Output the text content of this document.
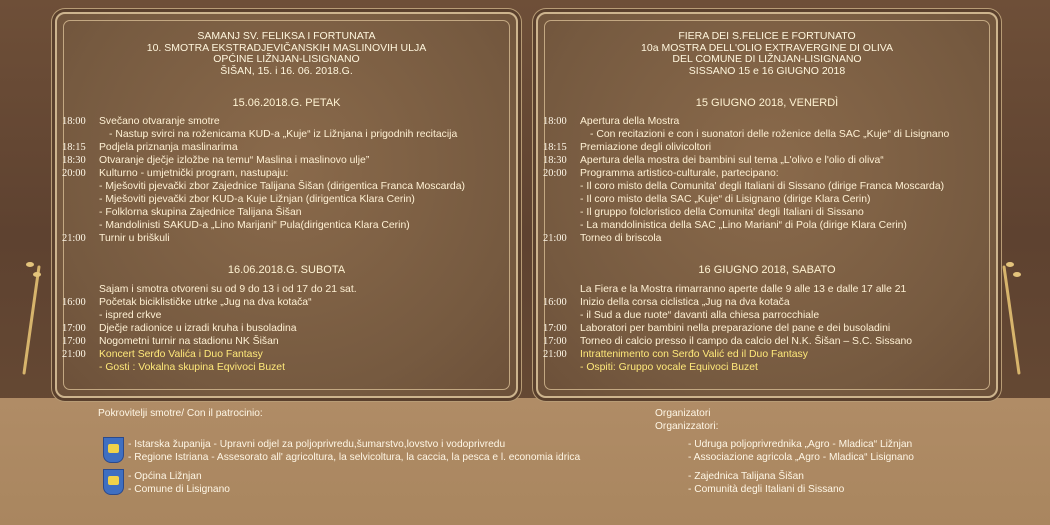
SAMANJ SV. FELIKSA I FORTUNATA
10. SMOTRA EKSTRADJEVIČANSKIH MASLINOVIH ULJA
OPĆINE LIŽNJAN-LISIGNANO
ŠIŠAN, 15. i 16. 06. 2018.G.
15.06.2018.G. PETAK
18:00 Svečano otvaranje smotre
- Nastup svirci na roženicama KUD-a „Kuje“ iz Ližnjana i prigodnih recitacija
18:15 Podjela priznanja maslinarima
18:30 Otvaranje dječje izložbe na temu“ Maslina i maslinovo ulje”
20:00 Kulturno - umjetnički program, nastupaju:
- Mješoviti pjevački zbor Zajednice Talijana Šišan (dirigentica Franca Moscarda)
- Mješoviti pjevački zbor KUD-a Kuje Ližnjan (dirigentica Klara Cerin)
- Folklorna skupina Zajednice Talijana Šišan
- Mandolinisti SAKUD-a „Lino Marijani“ Pula(dirigentica Klara Cerin)
21:00 Turnir u briškuli
16.06.2018.G. SUBOTA
Sajam i smotra otvoreni su od 9 do 13 i od 17 do 21 sat.
16:00 Početak biciklističke utrke „Jug na dva kotača“
- ispred crkve
17:00 Dječje radionice u izradi kruha i busoladina
17:00 Nogometni turnir na stadionu NK Šišan
21:00 Koncert Serđo Valića i Duo Fantasy
- Gosti : Vokalna skupina Eqvivoci Buzet
FIERA DEI S.FELICE E FORTUNATO
10a MOSTRA DELL'OLIO EXTRAVERGINE DI OLIVA
DEL COMUNE DI LIŽNJAN-LISIGNANO
SISSANO 15 e 16 GIUGNO 2018
15 GIUGNO 2018, VENERDÌ
18:00 Apertura della Mostra
- Con recitazioni e con i suonatori delle roženice della SAC „Kuje“ di Lisignano
18:15 Premiazione degli olivicoltori
18:30 Apertura della mostra dei bambini sul tema „L'olivo e l'olio di oliva“
20:00 Programma artistico-culturale, partecipano:
- Il coro misto della Comunita' degli Italiani di Sissano (dirige Franca Moscarda)
- Il coro misto della SAC „Kuje“ di Lisignano (dirige Klara Cerin)
- Il gruppo folcloristico della Comunita' degli Italiani di Sissano
- La mandolinistica della SAC „Lino Mariani“ di Pola (dirige Klara Cerin)
21:00 Torneo di briscola
16 GIUGNO 2018, SABATO
La Fiera e la Mostra rimarranno aperte dalle 9 alle 13 e dalle 17 alle 21
16:00 Inizio della corsa ciclistica „Jug na dva kotača
- il Sud a due ruote“ davanti alla chiesa parrocchiale
17:00 Laboratori per bambini nella preparazione del pane e dei busoladini
17:00 Torneo di calcio presso il campo da calcio del N.K. Šišan – S.C. Sissano
21:00 Intrattenimento con Serđo Valić ed il Duo Fantasy
- Ospiti: Gruppo vocale Equivoci Buzet
Pokrovitelji smotre/ Con il patrocinio:
- Istarska županija - Upravni odjel za poljoprivredu,šumarstvo,lovstvo i vodoprivredu
- Regione Istriana - Assesorato all' agricoltura, la selvicoltura, la caccia, la pesca e l. economia idrica
- Općina Ližnjan
- Comune di Lisignano
Organizatori
Organizzatori:
- Udruga poljoprivrednika „Agro - Mladica“ Ližnjan
- Associazione agricola „Agro - Mladica“ Lisignano
- Zajednica Talijana Šišan
- Comunità degli Italiani di Sissano
